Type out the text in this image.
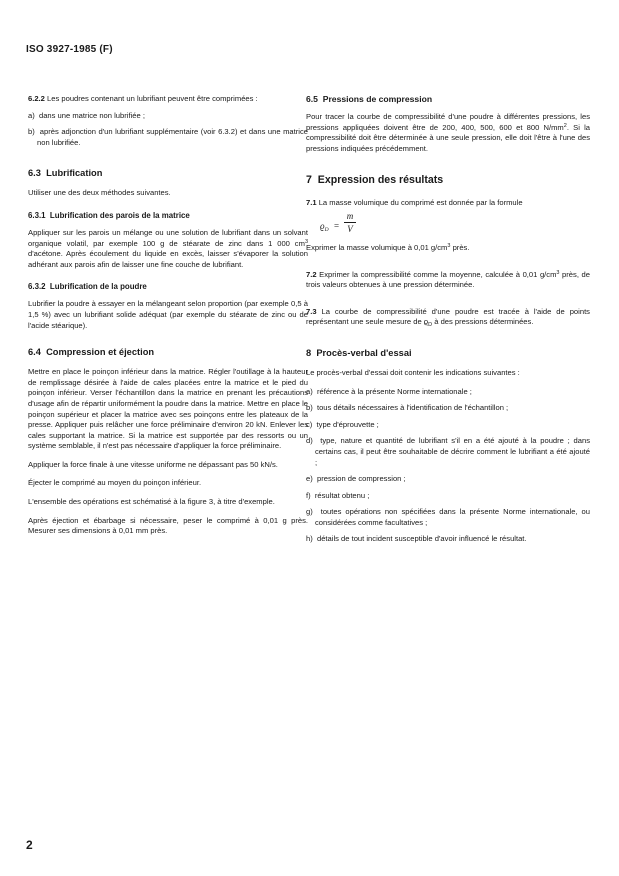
ISO 3927-1985 (F)

6.2.2 Les poudres contenant un lubrifiant peuvent être comprimées :

a)  dans une matrice non lubrifiée ;

b)  après adjonction d'un lubrifiant supplémentaire (voir 6.3.2) et dans une matrice non lubrifiée.

6.3  Lubrification

Utiliser une des deux méthodes suivantes.

6.3.1  Lubrification des parois de la matrice

Appliquer sur les parois un mélange ou une solution de lubrifiant dans un solvant organique volatil, par exemple 100 g de stéarate de zinc dans 1 000 $cm^3$ d'acétone. Après écoulement du liquide en excès, laisser s'évaporer la solution adhérant aux parois afin de laisser une fine couche de lubrifiant.

6.3.2  Lubrification de la poudre

Lubrifier la poudre à essayer en la mélangeant selon proportion (par exemple 0,5 à 1,5 %) avec un lubrifiant solide adéquat (par exemple du stéarate de zinc ou de l'acide stéarique).

6.4  Compression et éjection

Mettre en place le poinçon inférieur dans la matrice. Régler l'outillage à la hauteur de remplissage désirée à l'aide de cales placées entre la matrice et le pied du poinçon inférieur. Verser l'échantillon dans la matrice en prenant les précautions d'usage afin de répartir uniformément la poudre dans la matrice. Mettre en place le poinçon supérieur et placer la matrice avec ses poinçons entre les plateaux de la presse. Appliquer puis relâcher une force préliminaire d'environ 20 kN. Enlever les cales supportant la matrice. Si la matrice est supportée par des ressorts ou un système semblable, il n'est pas nécessaire d'appliquer la force préliminaire.

Appliquer la force finale à une vitesse uniforme ne dépassant pas 50 kN/s.

Éjecter le comprimé au moyen du poinçon inférieur.

L'ensemble des opérations est schématisé à la figure 3, à titre d'exemple.

Après éjection et ébarbage si nécessaire, peser le comprimé à 0,01 g près. Mesurer ses dimensions à 0,01 mm près.

6.5  Pressions de compression

Pour tracer la courbe de compressibilité d'une poudre à différentes pressions, les pressions appliquées doivent être de 200, 400, 500, 600 et 800 $N/mm^2$. Si la compressibilité doit être déterminée à une seule pression, elle doit l'être à l'une des pressions indiquées précédemment.

7  Expression des résultats

7.1 La masse volumique du comprimé est donnée par la formule

$ϱ_D$ =
m
V

Exprimer la masse volumique à 0,01 $g/cm^3$ près.

7.2 Exprimer la compressibilité comme la moyenne, calculée à 0,01 $g/cm^3$ près, de trois valeurs obtenues à une pression déterminée.

7.3 La courbe de compressibilité d'une poudre est tracée à l'aide de points représentant une seule mesure de $ϱ_D$ à des pressions déterminées.

8  Procès-verbal d'essai

Le procès-verbal d'essai doit contenir les indications suivantes :

a)  référence à la présente Norme internationale ;

b)  tous détails nécessaires à l'identification de l'échantillon ;

c)  type d'éprouvette ;

d)  type, nature et quantité de lubrifiant s'il en a été ajouté à la poudre ; dans certains cas, il peut être souhaitable de décrire comment le lubrifiant a été ajouté ;

e)  pression de compression ;

f)  résultat obtenu ;

g)  toutes opérations non spécifiées dans la présente Norme internationale, ou considérées comme facultatives ;

h)  détails de tout incident susceptible d'avoir influencé le résultat.

2
